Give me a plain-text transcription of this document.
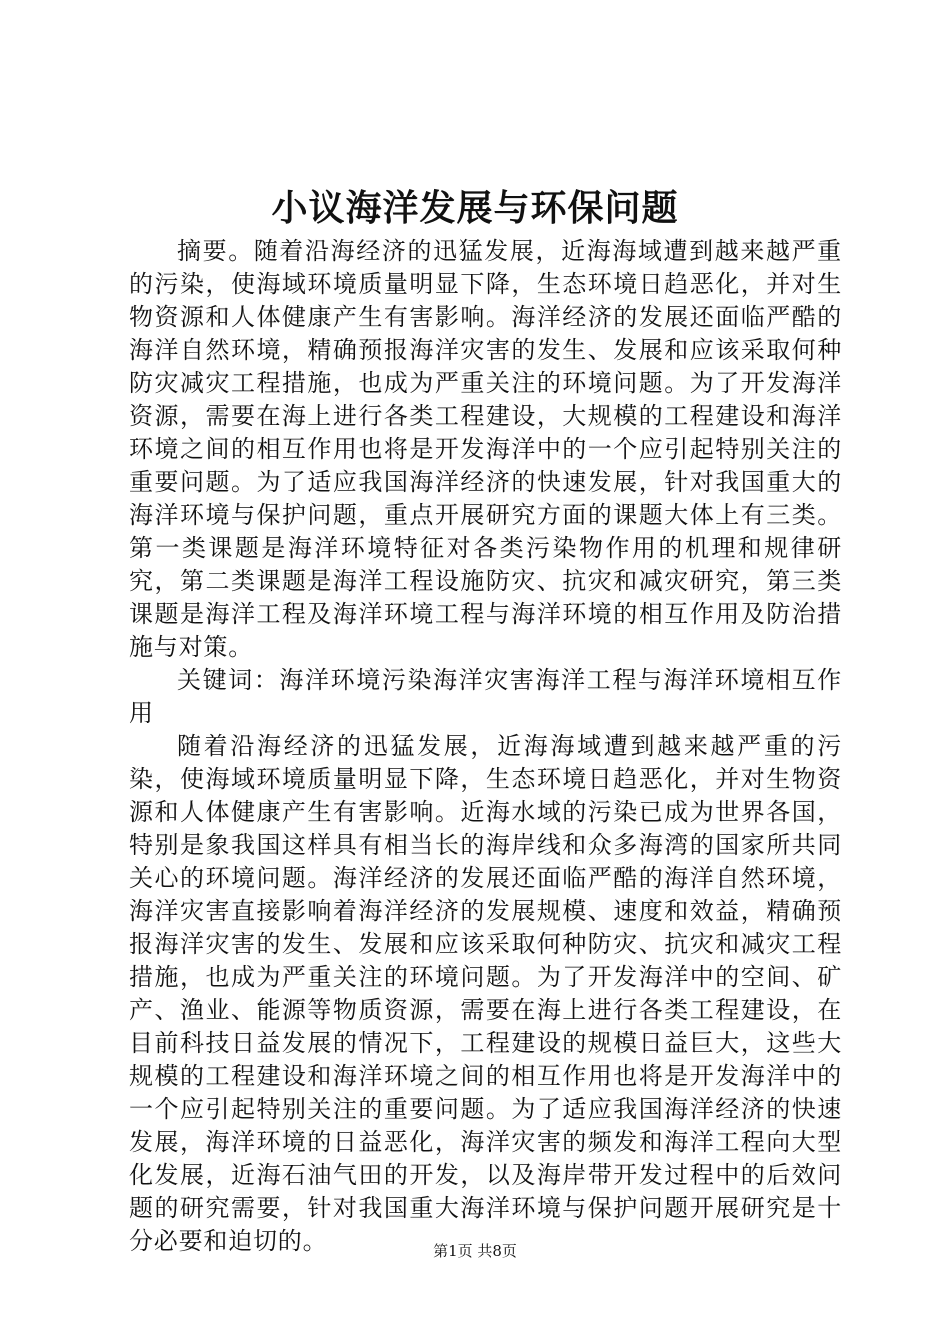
小议海洋发展与环保问题

摘要。随着沿海经济的迅猛发展，近海海域遭到越来越严重的污染，使海域环境质量明显下降，生态环境日趋恶化，并对生物资源和人体健康产生有害影响。海洋经济的发展还面临严酷的海洋自然环境，精确预报海洋灾害的发生、发展和应该采取何种防灾减灾工程措施，也成为严重关注的环境问题。为了开发海洋资源，需要在海上进行各类工程建设，大规模的工程建设和海洋环境之间的相互作用也将是开发海洋中的一个应引起特别关注的重要问题。为了适应我国海洋经济的快速发展，针对我国重大的海洋环境与保护问题，重点开展研究方面的课题大体上有三类。第一类课题是海洋环境特征对各类污染物作用的机理和规律研究，第二类课题是海洋工程设施防灾、抗灾和减灾研究，第三类课题是海洋工程及海洋环境工程与海洋环境的相互作用及防治措施与对策。

关键词：海洋环境污染海洋灾害海洋工程与海洋环境相互作用

随着沿海经济的迅猛发展，近海海域遭到越来越严重的污染，使海域环境质量明显下降，生态环境日趋恶化，并对生物资源和人体健康产生有害影响。近海水域的污染已成为世界各国，特别是象我国这样具有相当长的海岸线和众多海湾的国家所共同关心的环境问题。海洋经济的发展还面临严酷的海洋自然环境，海洋灾害直接影响着海洋经济的发展规模、速度和效益，精确预报海洋灾害的发生、发展和应该采取何种防灾、抗灾和减灾工程措施，也成为严重关注的环境问题。为了开发海洋中的空间、矿产、渔业、能源等物质资源，需要在海上进行各类工程建设，在目前科技日益发展的情况下，工程建设的规模日益巨大，这些大规模的工程建设和海洋环境之间的相互作用也将是开发海洋中的一个应引起特别关注的重要问题。为了适应我国海洋经济的快速发展，海洋环境的日益恶化，海洋灾害的频发和海洋工程向大型化发展，近海石油气田的开发，以及海岸带开发过程中的后效问题的研究需要，针对我国重大海洋环境与保护问题开展研究是十分必要和迫切的。	第1页 共8页
